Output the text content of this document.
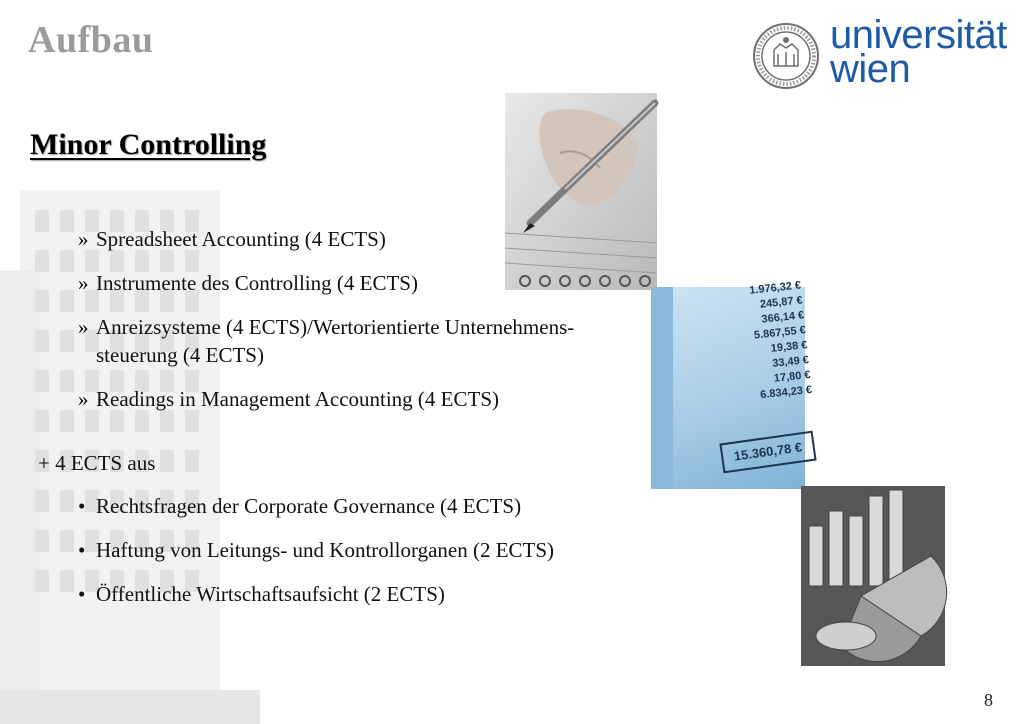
Aufbau	universität
wien
Minor Controlling
» Spreadsheet Accounting (4 ECTS)
» Instrumente des Controlling (4 ECTS)
» Anreizsysteme (4 ECTS)/Wertorientierte Unternehmens- steuerung (4 ECTS)
» Readings in Management Accounting (4 ECTS)
+ 4 ECTS aus
• Rechtsfragen der Corporate Governance (4 ECTS)
• Haftung von Leitungs- und Kontrollorganen (2 ECTS)
• Öffentliche Wirtschaftsaufsicht (2 ECTS)
1.976,32 €
245,87 €
366,14 €
5.867,55 €
19,38 €
33,49 €
17,80 €
6.834,23 €
15.360,78 €
8
